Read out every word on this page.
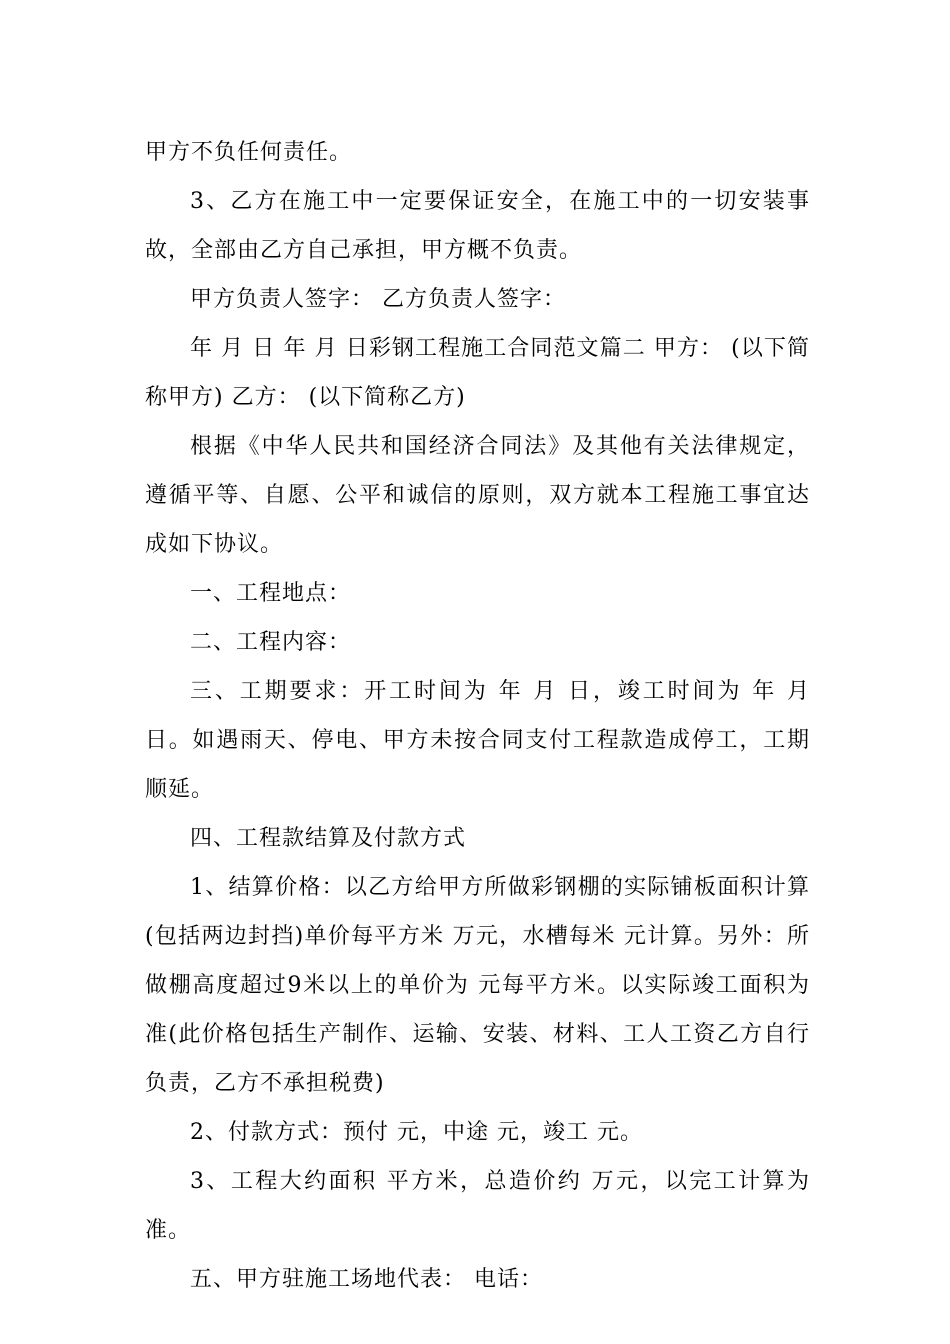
甲方不负任何责任。

3、乙方在施工中一定要保证安全，在施工中的一切安装事故，全部由乙方自己承担，甲方概不负责。

甲方负责人签字： 乙方负责人签字：

年 月 日 年 月 日彩钢工程施工合同范文篇二 甲方： (以下简称甲方) 乙方： (以下简称乙方)

根据《中华人民共和国经济合同法》及其他有关法律规定，遵循平等、自愿、公平和诚信的原则，双方就本工程施工事宜达成如下协议。

一、工程地点：

二、工程内容：

三、工期要求：开工时间为 年 月 日，竣工时间为 年 月 日。如遇雨天、停电、甲方未按合同支付工程款造成停工，工期顺延。

四、工程款结算及付款方式

1、结算价格：以乙方给甲方所做彩钢棚的实际铺板面积计算(包括两边封挡)单价每平方米 万元，水槽每米 元计算。另外：所做棚高度超过9米以上的单价为 元每平方米。以实际竣工面积为准(此价格包括生产制作、运输、安装、材料、工人工资乙方自行负责，乙方不承担税费)

2、付款方式：预付 元，中途 元，竣工 元。

3、工程大约面积 平方米，总造价约 万元，以完工计算为准。

五、甲方驻施工场地代表： 电话：
